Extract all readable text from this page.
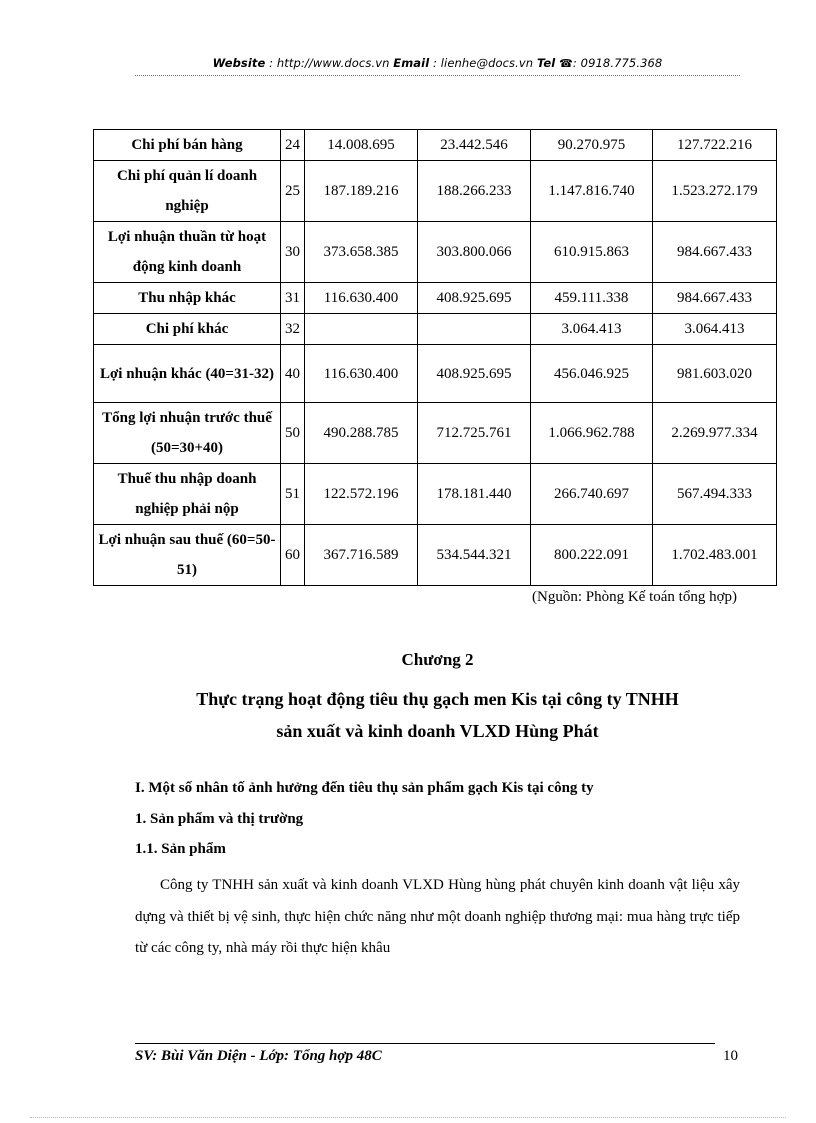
Website : http://www.docs.vn Email : lienhe@docs.vn Tel ☎: 0918.775.368
Chi phí bán hàng	24	14.008.695	23.442.546	90.270.975	127.722.216
Chi phí quản lí doanh nghiệp	25	187.189.216	188.266.233	1.147.816.740	1.523.272.179
Lợi nhuận thuần từ hoạt động kinh doanh	30	373.658.385	303.800.066	610.915.863	984.667.433
Thu nhập khác	31	116.630.400	408.925.695	459.111.338	984.667.433
Chi phí khác	32			3.064.413	3.064.413
Lợi nhuận khác (40=31-32)	40	116.630.400	408.925.695	456.046.925	981.603.020
Tổng lợi nhuận trước thuế (50=30+40)	50	490.288.785	712.725.761	1.066.962.788	2.269.977.334
Thuế thu nhập doanh nghiệp phải nộp	51	122.572.196	178.181.440	266.740.697	567.494.333
Lợi nhuận sau thuế (60=50-51)	60	367.716.589	534.544.321	800.222.091	1.702.483.001
(Nguồn: Phòng Kế toán tổng hợp)
Chương 2
Thực trạng hoạt động tiêu thụ gạch men Kis tại công ty TNHH
sản xuất và kinh doanh VLXD Hùng Phát
I. Một số nhân tố ảnh hưởng đến tiêu thụ sản phẩm gạch Kis tại công ty
1. Sản phẩm và thị trường
1.1. Sản phẩm
Công ty TNHH sản xuất và kinh doanh VLXD Hùng hùng phát chuyên kinh doanh vật liệu xây dựng và thiết bị vệ sinh, thực hiện chức năng như một doanh nghiệp thương mại: mua hàng trực tiếp từ các công ty, nhà máy rồi thực hiện khâu
SV: Bùi Văn Diện - Lớp: Tổng hợp 48C	10
